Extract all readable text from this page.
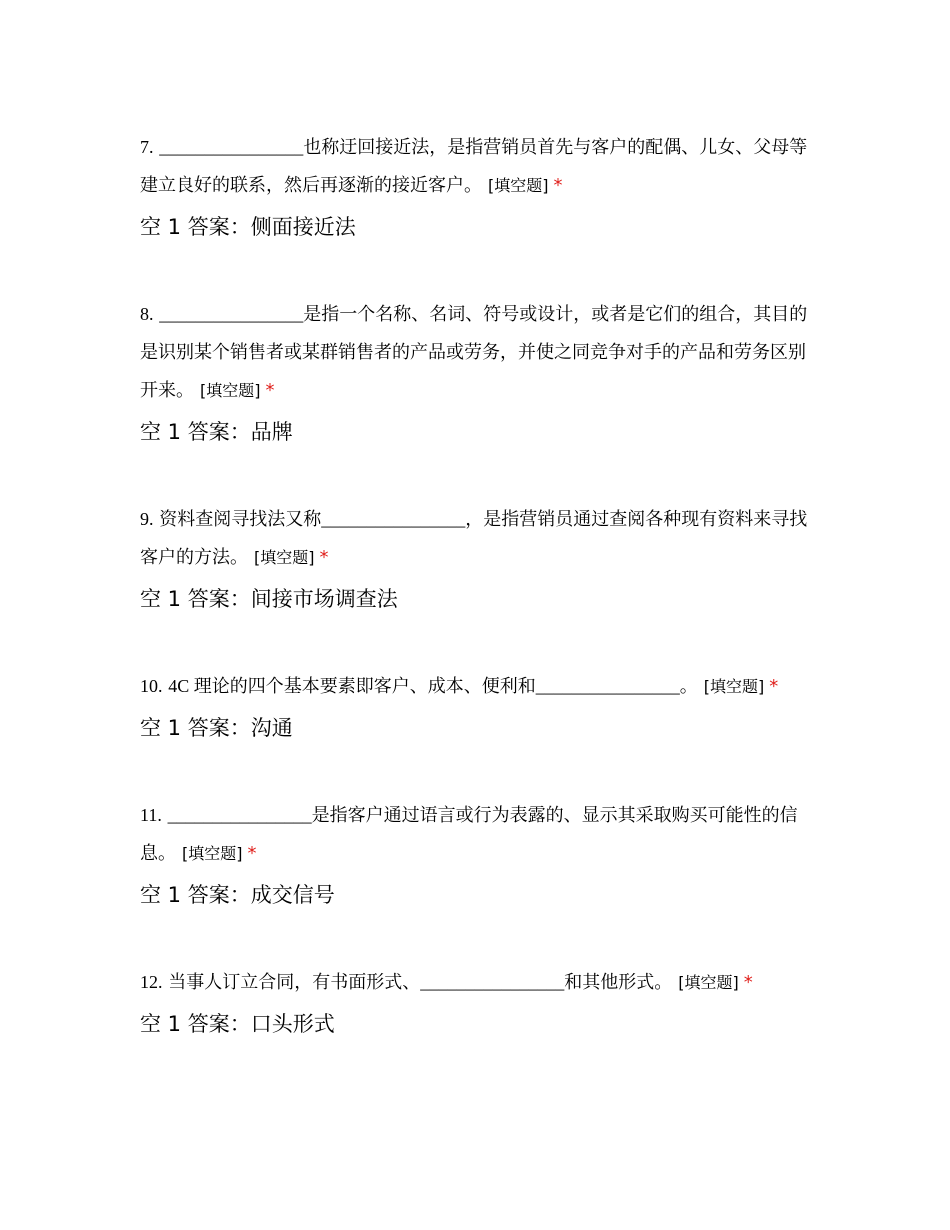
7. ________________也称迂回接近法，是指营销员首先与客户的配偶、儿女、父母等建立良好的联系，然后再逐渐的接近客户。 [填空题] *

空 1 答案：侧面接近法

8. ________________是指一个名称、名词、符号或设计，或者是它们的组合，其目的是识别某个销售者或某群销售者的产品或劳务，并使之同竞争对手的产品和劳务区别开来。 [填空题] *

空 1 答案：品牌

9. 资料查阅寻找法又称________________，是指营销员通过查阅各种现有资料来寻找客户的方法。 [填空题] *

空 1 答案：间接市场调查法

10. 4C 理论的四个基本要素即客户、成本、便利和________________。 [填空题] *

空 1 答案：沟通

11. ________________是指客户通过语言或行为表露的、显示其采取购买可能性的信息。 [填空题] *

空 1 答案：成交信号

12. 当事人订立合同，有书面形式、________________和其他形式。 [填空题] *

空 1 答案：口头形式
